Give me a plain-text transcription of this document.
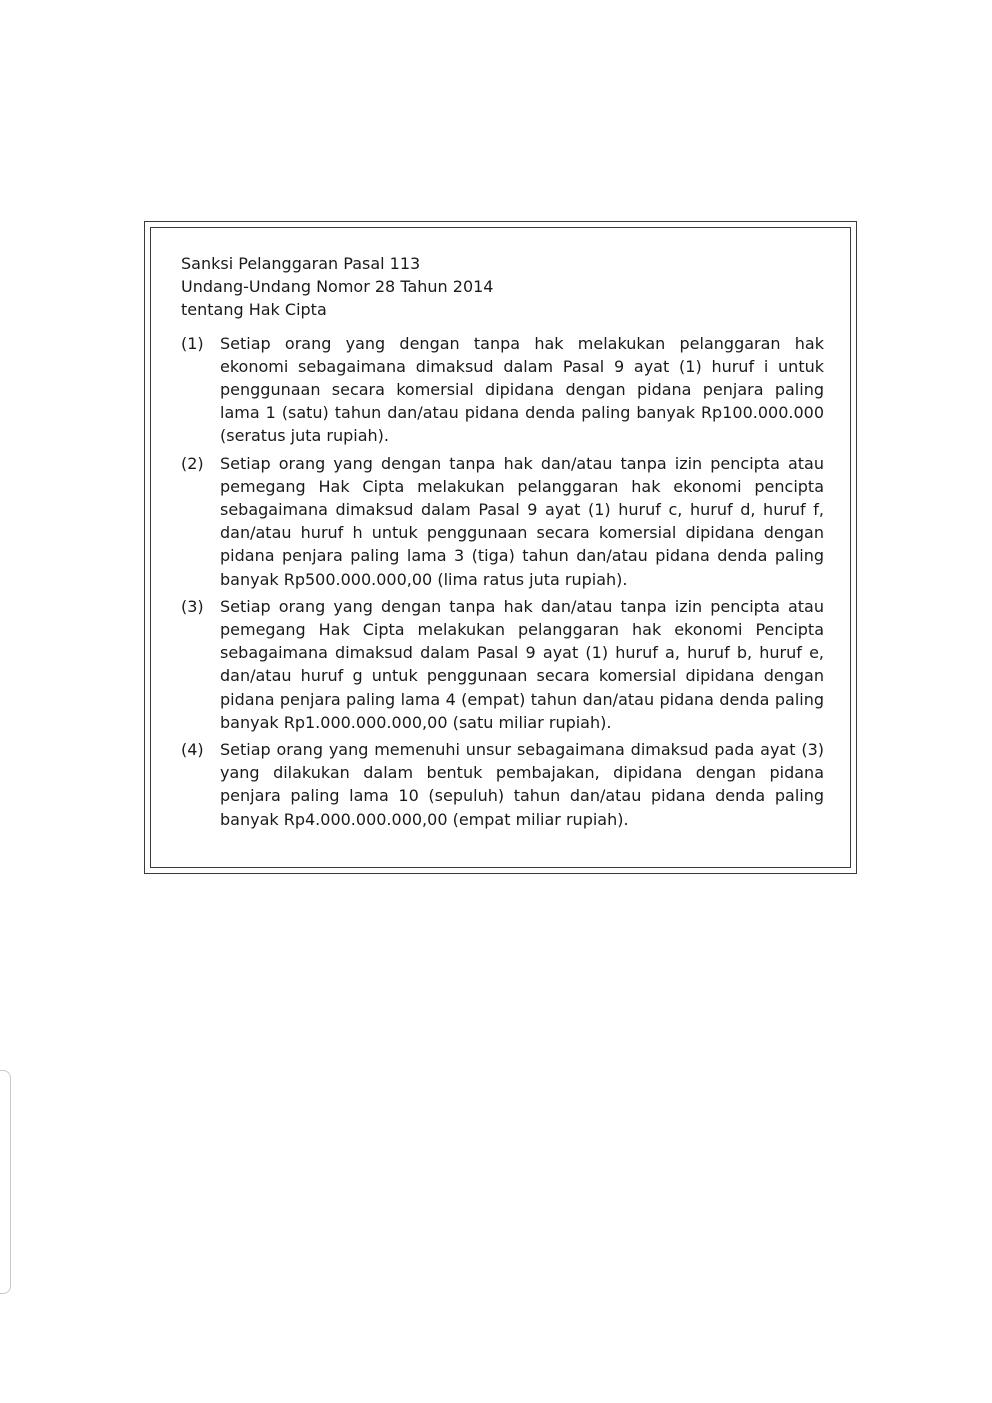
Sanksi Pelanggaran Pasal 113
Undang-Undang Nomor 28 Tahun 2014
tentang Hak Cipta
(1)	Setiap orang yang dengan tanpa hak melakukan pelanggaran hak ekonomi sebagaimana dimaksud dalam Pasal 9 ayat (1) huruf i untuk penggunaan secara komersial dipidana dengan pidana penjara paling lama 1 (satu) tahun dan/atau pidana denda paling banyak Rp100.000.000 (seratus juta rupiah).
(2)	Setiap orang yang dengan tanpa hak dan/atau tanpa izin pencipta atau pemegang Hak Cipta melakukan pelanggaran hak ekonomi pencipta sebagaimana dimaksud dalam Pasal 9 ayat (1) huruf c, huruf d, huruf f, dan/atau huruf h untuk penggunaan secara komersial dipidana dengan pidana penjara paling lama 3 (tiga) tahun dan/atau pidana denda paling banyak Rp500.000.000,00 (lima ratus juta rupiah).
(3)	Setiap orang yang dengan tanpa hak dan/atau tanpa izin pencipta atau pemegang Hak Cipta melakukan pelanggaran hak ekonomi Pencipta sebagaimana dimaksud dalam Pasal 9 ayat (1) huruf a, huruf b, huruf e, dan/atau huruf g untuk penggunaan secara komersial dipidana dengan pidana penjara paling lama 4 (empat) tahun dan/atau pidana denda paling banyak Rp1.000.000.000,00 (satu miliar rupiah).
(4)	Setiap orang yang memenuhi unsur sebagaimana dimaksud pada ayat (3) yang dilakukan dalam bentuk pembajakan, dipidana dengan pidana penjara paling lama 10 (sepuluh) tahun dan/atau pidana denda paling banyak Rp4.000.000.000,00 (empat miliar rupiah).
